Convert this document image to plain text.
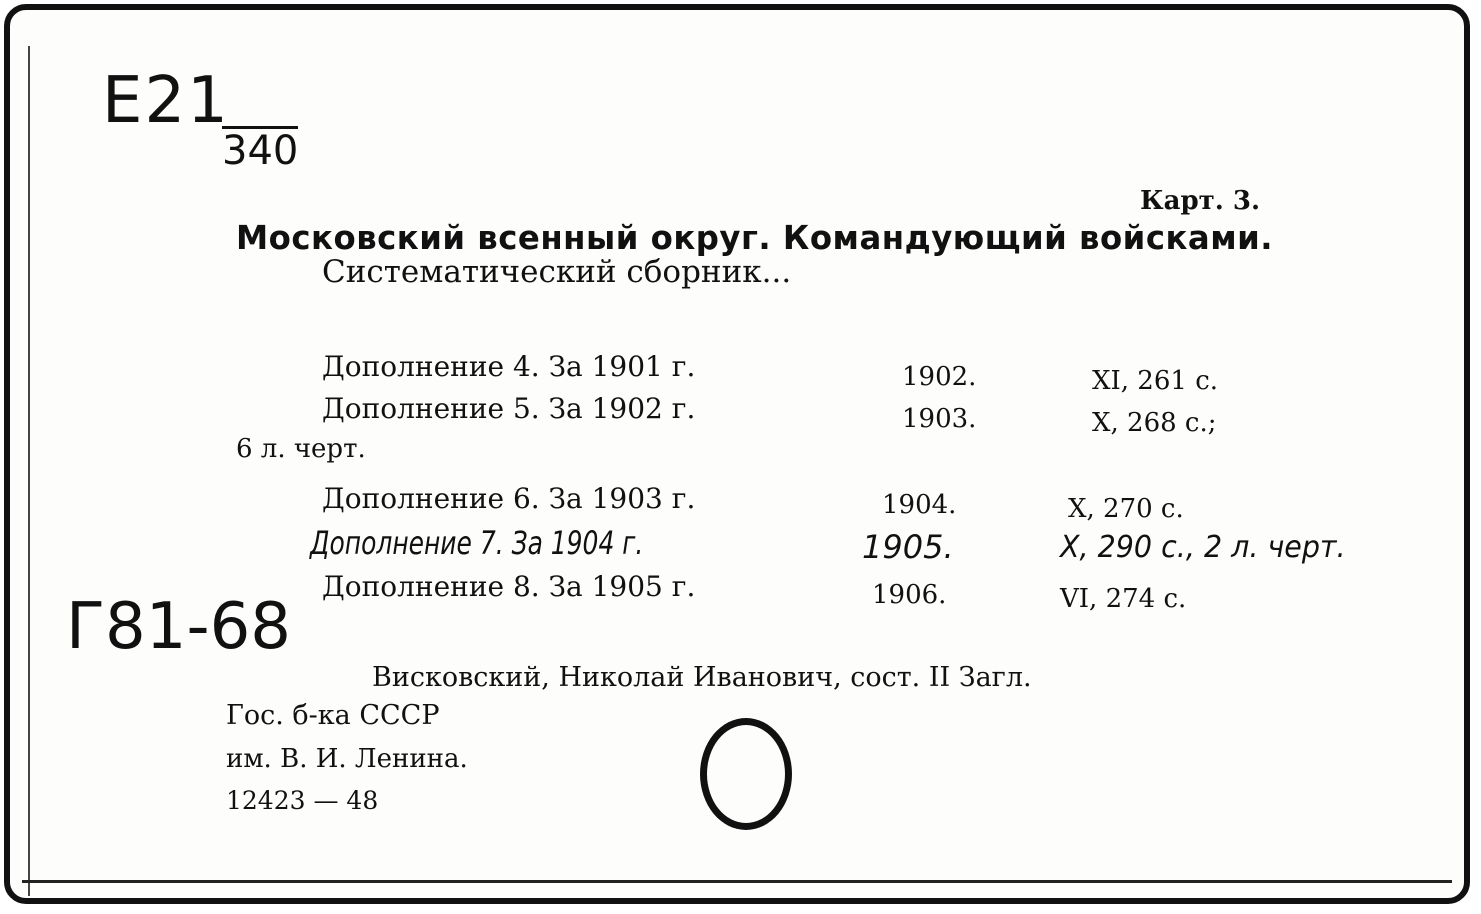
E21
340
Карт. 3.
Московский всенный округ. Командующий войсками.
Систематический сборник...
Дополнение 4. За 1901 г.	1902.	XI, 261 с.
Дополнение 5. За 1902 г.	1903.	X, 268 с.;
6 л. черт.
Дополнение 6. За 1903 г.	1904.	X, 270 с.
Дополнение 7. За 1904 г.	1905.	X, 290 с., 2 л. черт.
Дополнение 8. За 1905 г.	1906.	VI, 274 с.
Г81-68
Висковский, Николай Иванович, сост. II Загл.
Гос. б-ка СССР
им. В. И. Ленина.
12423 — 48
